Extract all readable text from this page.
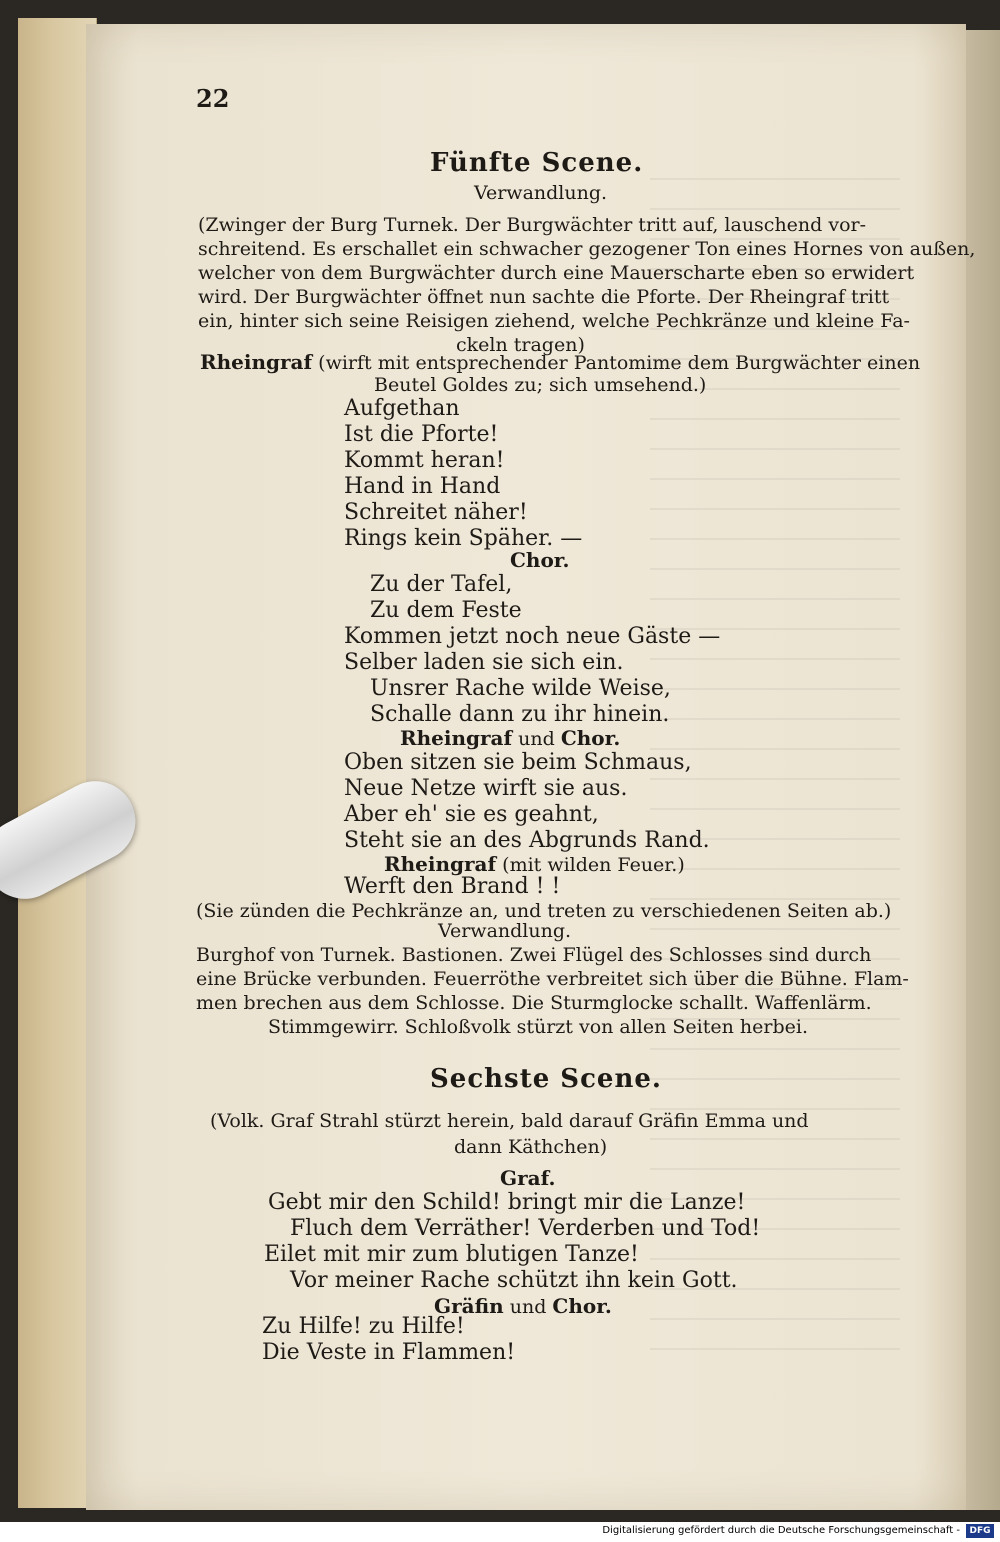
22
Fünfte Scene.
Verwandlung.
(Zwinger der Burg Turnek. Der Burgwächter tritt auf, lauschend vor-
schreitend. Es erschallet ein schwacher gezogener Ton eines Hornes von außen,
welcher von dem Burgwächter durch eine Mauerscharte eben so erwidert
wird. Der Burgwächter öffnet nun sachte die Pforte. Der Rheingraf tritt
ein, hinter sich seine Reisigen ziehend, welche Pechkränze und kleine Fa-
ckeln tragen)
Rheingraf (wirft mit entsprechender Pantomime dem Burgwächter einen
Beutel Goldes zu; sich umsehend.)
Aufgethan
Ist die Pforte!
Kommt heran!
Hand in Hand
Schreitet näher!
Rings kein Späher. —
Chor.
Zu der Tafel,
Zu dem Feste
Kommen jetzt noch neue Gäste —
Selber laden sie sich ein.
Unsrer Rache wilde Weise,
Schalle dann zu ihr hinein.
Rheingraf und Chor.
Oben sitzen sie beim Schmaus,
Neue Netze wirft sie aus.
Aber eh' sie es geahnt,
Steht sie an des Abgrunds Rand.
Rheingraf (mit wilden Feuer.)
Werft den Brand ! !
(Sie zünden die Pechkränze an, und treten zu verschiedenen Seiten ab.)
Verwandlung.
Burghof von Turnek. Bastionen. Zwei Flügel des Schlosses sind durch
eine Brücke verbunden. Feuerröthe verbreitet sich über die Bühne. Flam-
men brechen aus dem Schlosse. Die Sturmglocke schallt. Waffenlärm.
Stimmgewirr. Schloßvolk stürzt von allen Seiten herbei.
Sechste Scene.
(Volk. Graf Strahl stürzt herein, bald darauf Gräfin Emma und
dann Käthchen)
Graf.
Gebt mir den Schild! bringt mir die Lanze!
Fluch dem Verräther! Verderben und Tod!
Eilet mit mir zum blutigen Tanze!
Vor meiner Rache schützt ihn kein Gott.
Gräfin und Chor.
Zu Hilfe! zu Hilfe!
Die Veste in Flammen!
Digitalisierung gefördert durch die Deutsche Forschungsgemeinschaft -	DFG
